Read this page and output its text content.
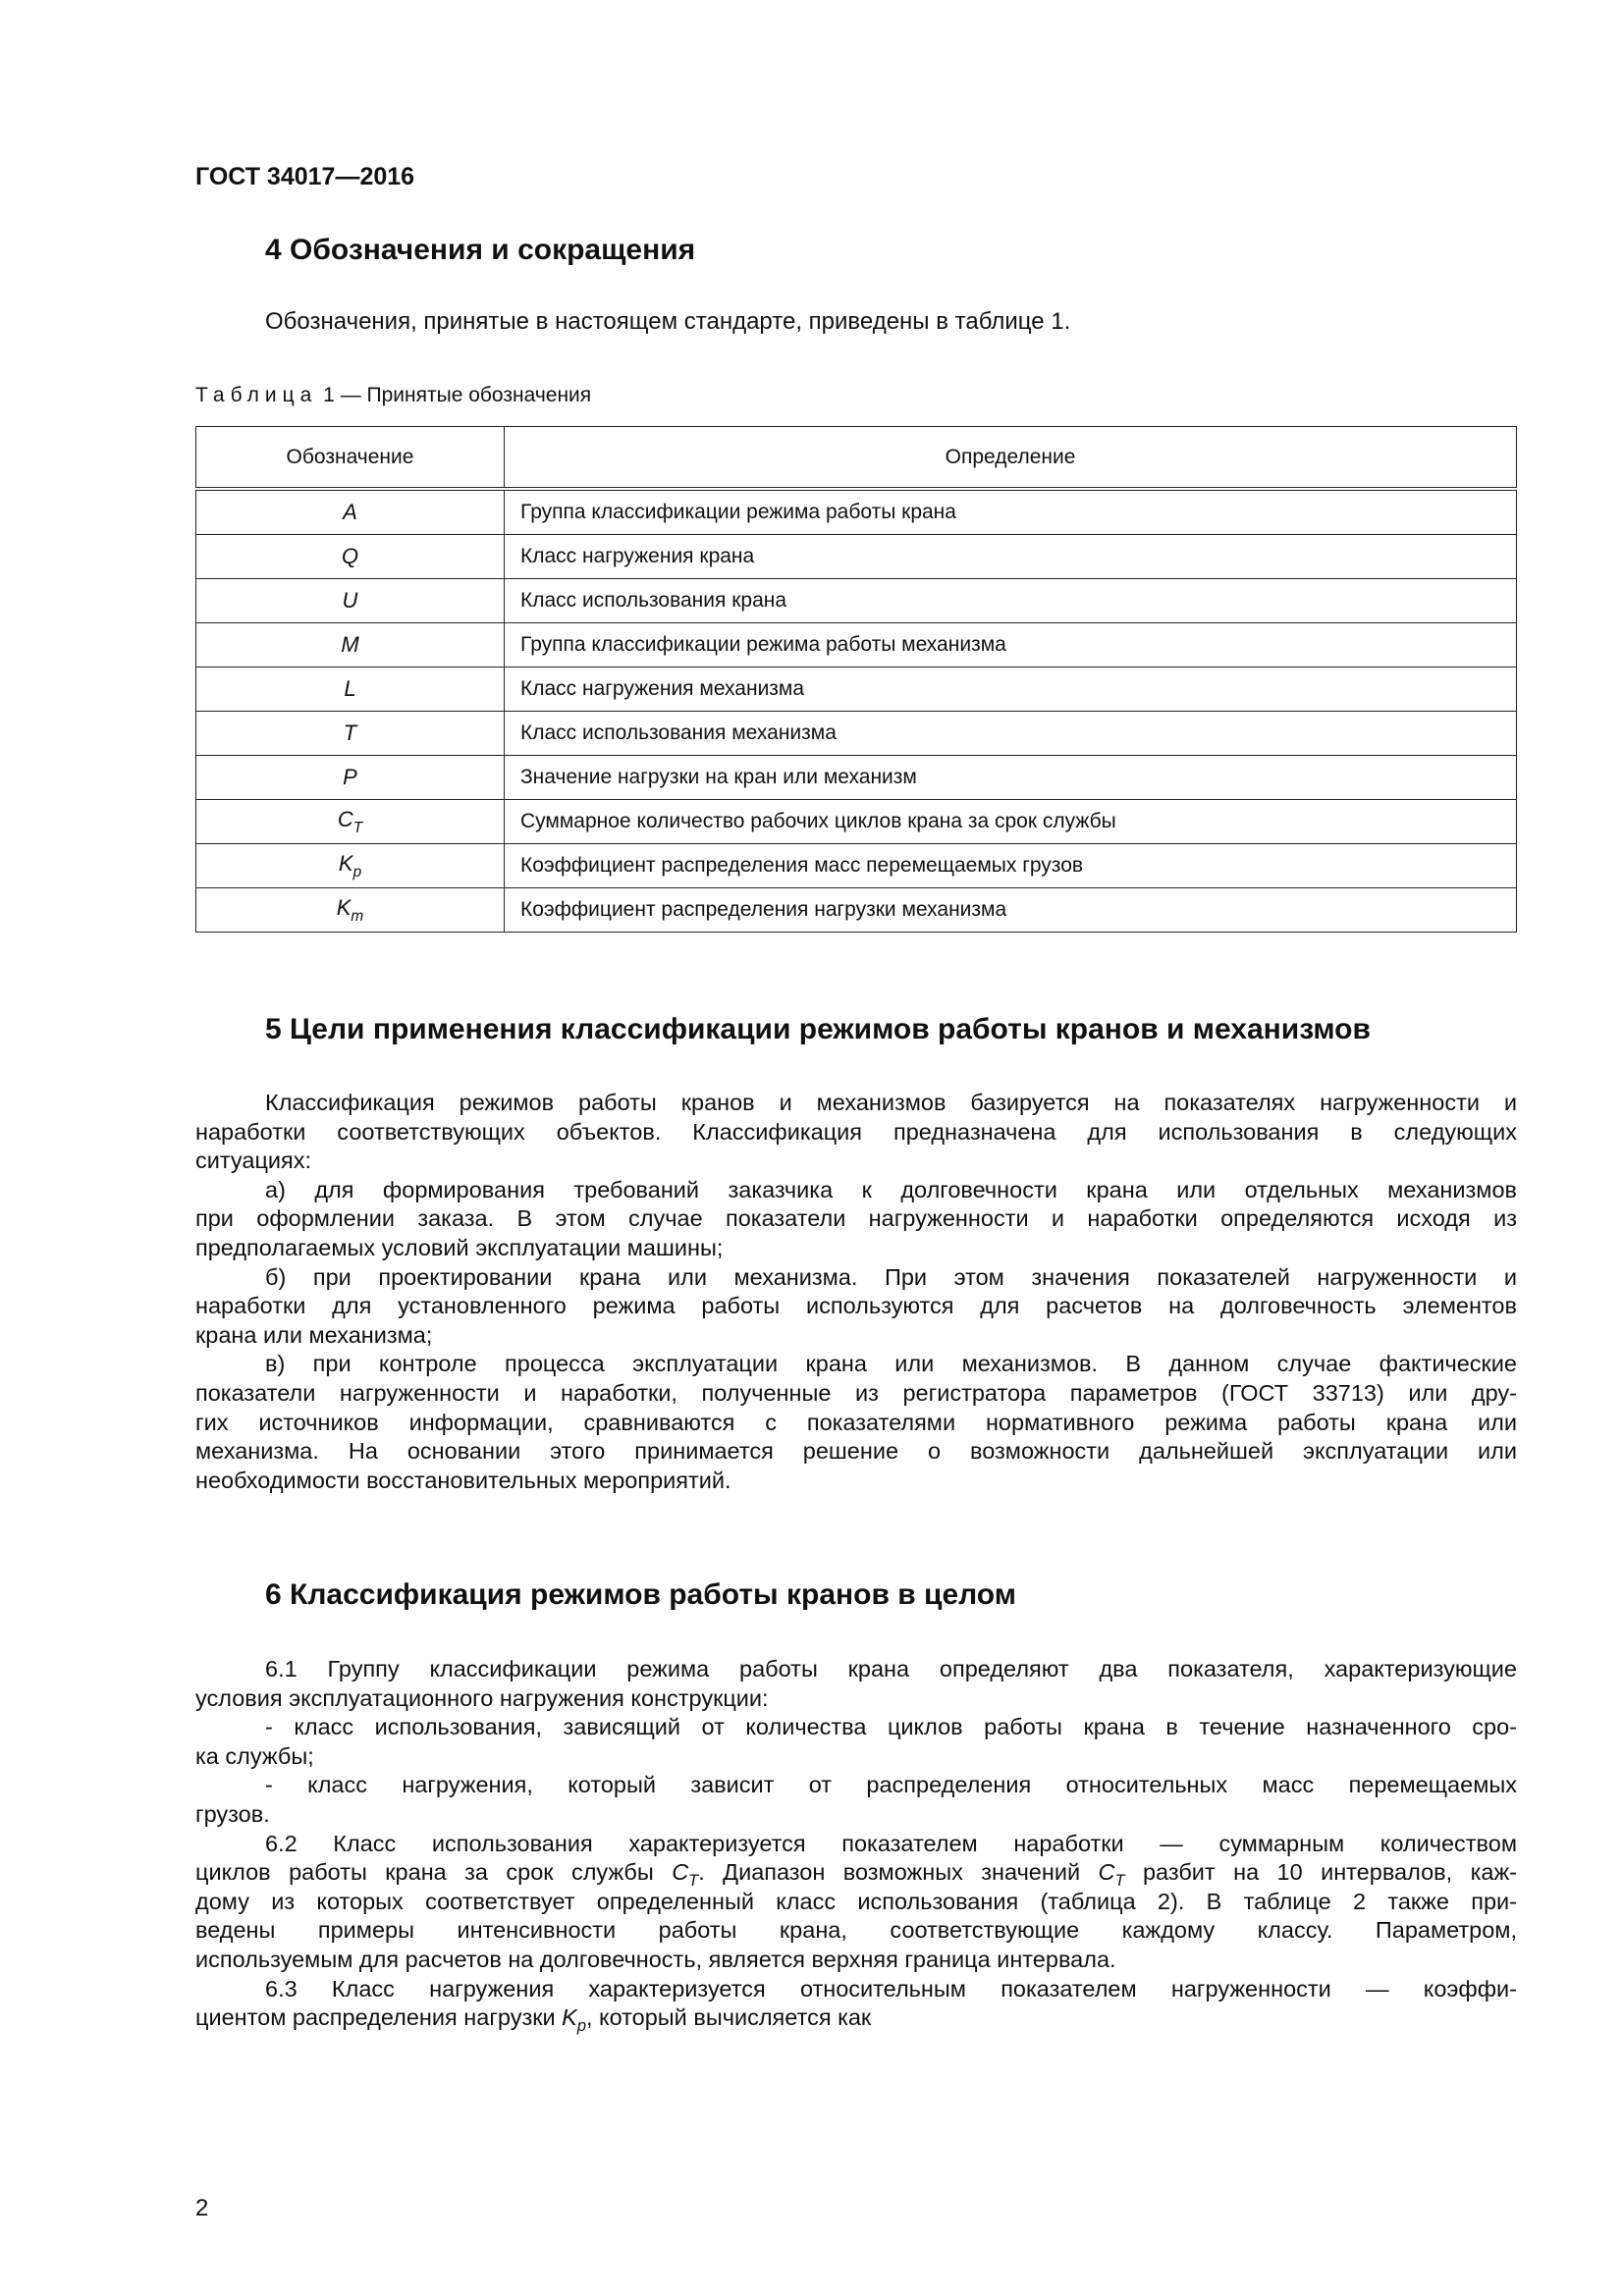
ГОСТ 34017—2016
4 Обозначения и сокращения
Обозначения, принятые в настоящем стандарте, приведены в таблице 1.
Таблица 1 — Принятые обозначения
Обозначение	Определение
A	Группа классификации режима работы крана
Q	Класс нагружения крана
U	Класс использования крана
M	Группа классификации режима работы механизма
L	Класс нагружения механизма
T	Класс использования механизма
P	Значение нагрузки на кран или механизм
$C_T$	Суммарное количество рабочих циклов крана за срок службы
$K_p$	Коэффициент распределения масс перемещаемых грузов
$K_m$	Коэффициент распределения нагрузки механизма
5 Цели применения классификации режимов работы кранов и механизмов
Классификация режимов работы кранов и механизмов базируется на показателях нагруженности и
наработки соответствующих объектов. Классификация предназначена для использования в следующих
ситуациях:
а) для формирования требований заказчика к долговечности крана или отдельных механизмов
при оформлении заказа. В этом случае показатели нагруженности и наработки определяются исходя из
предполагаемых условий эксплуатации машины;
б) при проектировании крана или механизма. При этом значения показателей нагруженности и
наработки для установленного режима работы используются для расчетов на долговечность элементов
крана или механизма;
в) при контроле процесса эксплуатации крана или механизмов. В данном случае фактические
показатели нагруженности и наработки, полученные из регистратора параметров (ГОСТ 33713) или дру-
гих источников информации, сравниваются с показателями нормативного режима работы крана или
механизма. На основании этого принимается решение о возможности дальнейшей эксплуатации или
необходимости восстановительных мероприятий.
6 Классификация режимов работы кранов в целом
6.1 Группу классификации режима работы крана определяют два показателя, характеризующие
условия эксплуатационного нагружения конструкции:
- класс использования, зависящий от количества циклов работы крана в течение назначенного сро-
ка службы;
- класс нагружения, который зависит от распределения относительных масс перемещаемых
грузов.
6.2 Класс использования характеризуется показателем наработки — суммарным количеством
циклов работы крана за срок службы $C_T$. Диапазон возможных значений $C_T$ разбит на 10 интервалов, каж-
дому из которых соответствует определенный класс использования (таблица 2). В таблице 2 также при-
ведены примеры интенсивности работы крана, соответствующие каждому классу. Параметром,
используемым для расчетов на долговечность, является верхняя граница интервала.
6.3 Класс нагружения характеризуется относительным показателем нагруженности — коэффи-
циентом распределения нагрузки $K_p$, который вычисляется как
2
